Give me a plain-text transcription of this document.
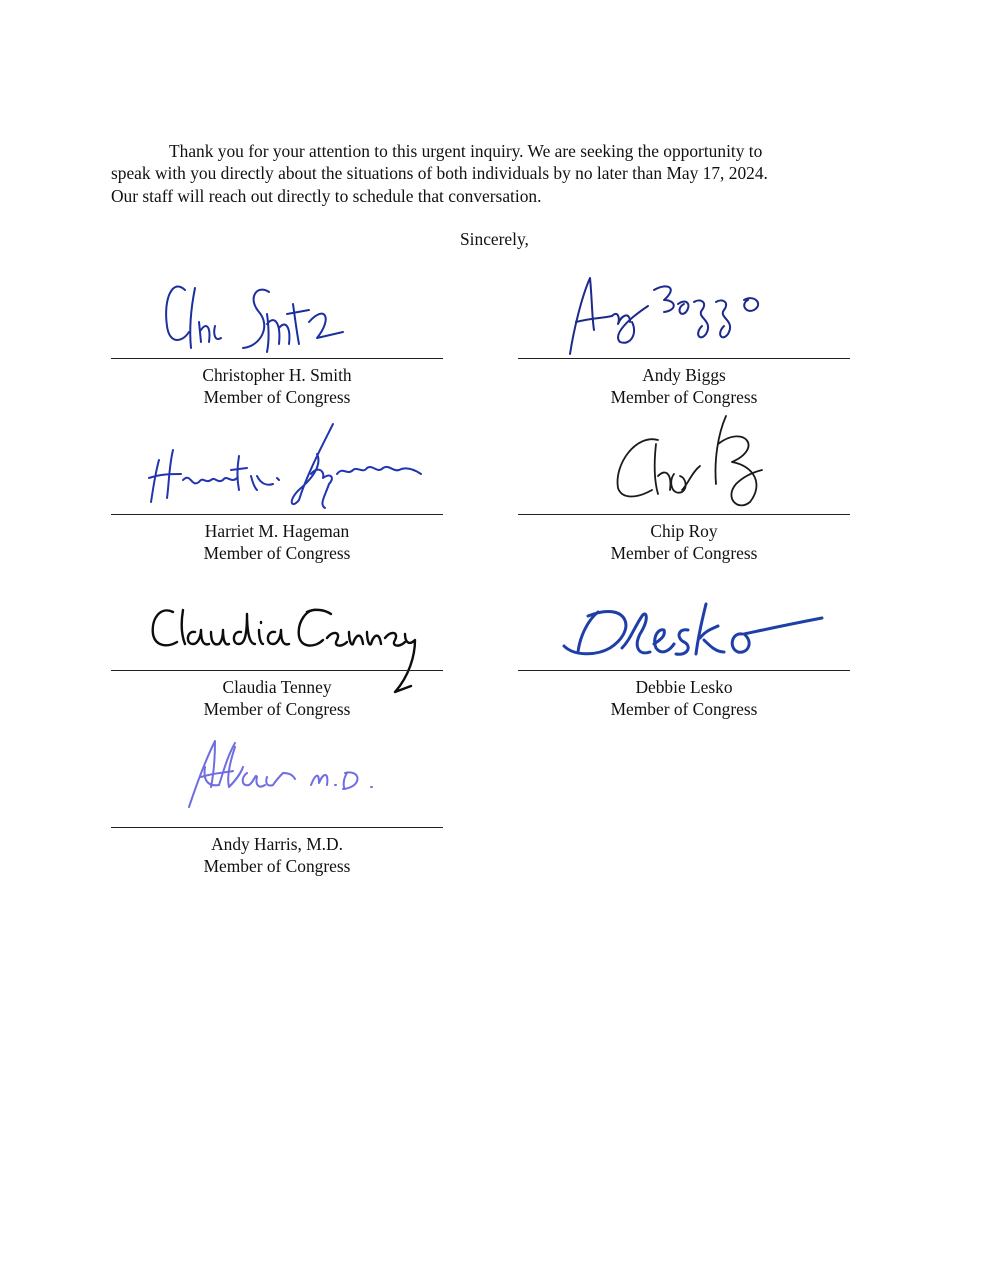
Thank you for your attention to this urgent inquiry. We are seeking the opportunity to
speak with you directly about the situations of both individuals by no later than May 17, 2024.
Our staff will reach out directly to schedule that conversation.

Sincerely,

Christopher H. Smith
Member of Congress
Andy Biggs
Member of Congress
Harriet M. Hageman
Member of Congress
Chip Roy
Member of Congress
Claudia Tenney
Member of Congress
Debbie Lesko
Member of Congress
Andy Harris, M.D.
Member of Congress
